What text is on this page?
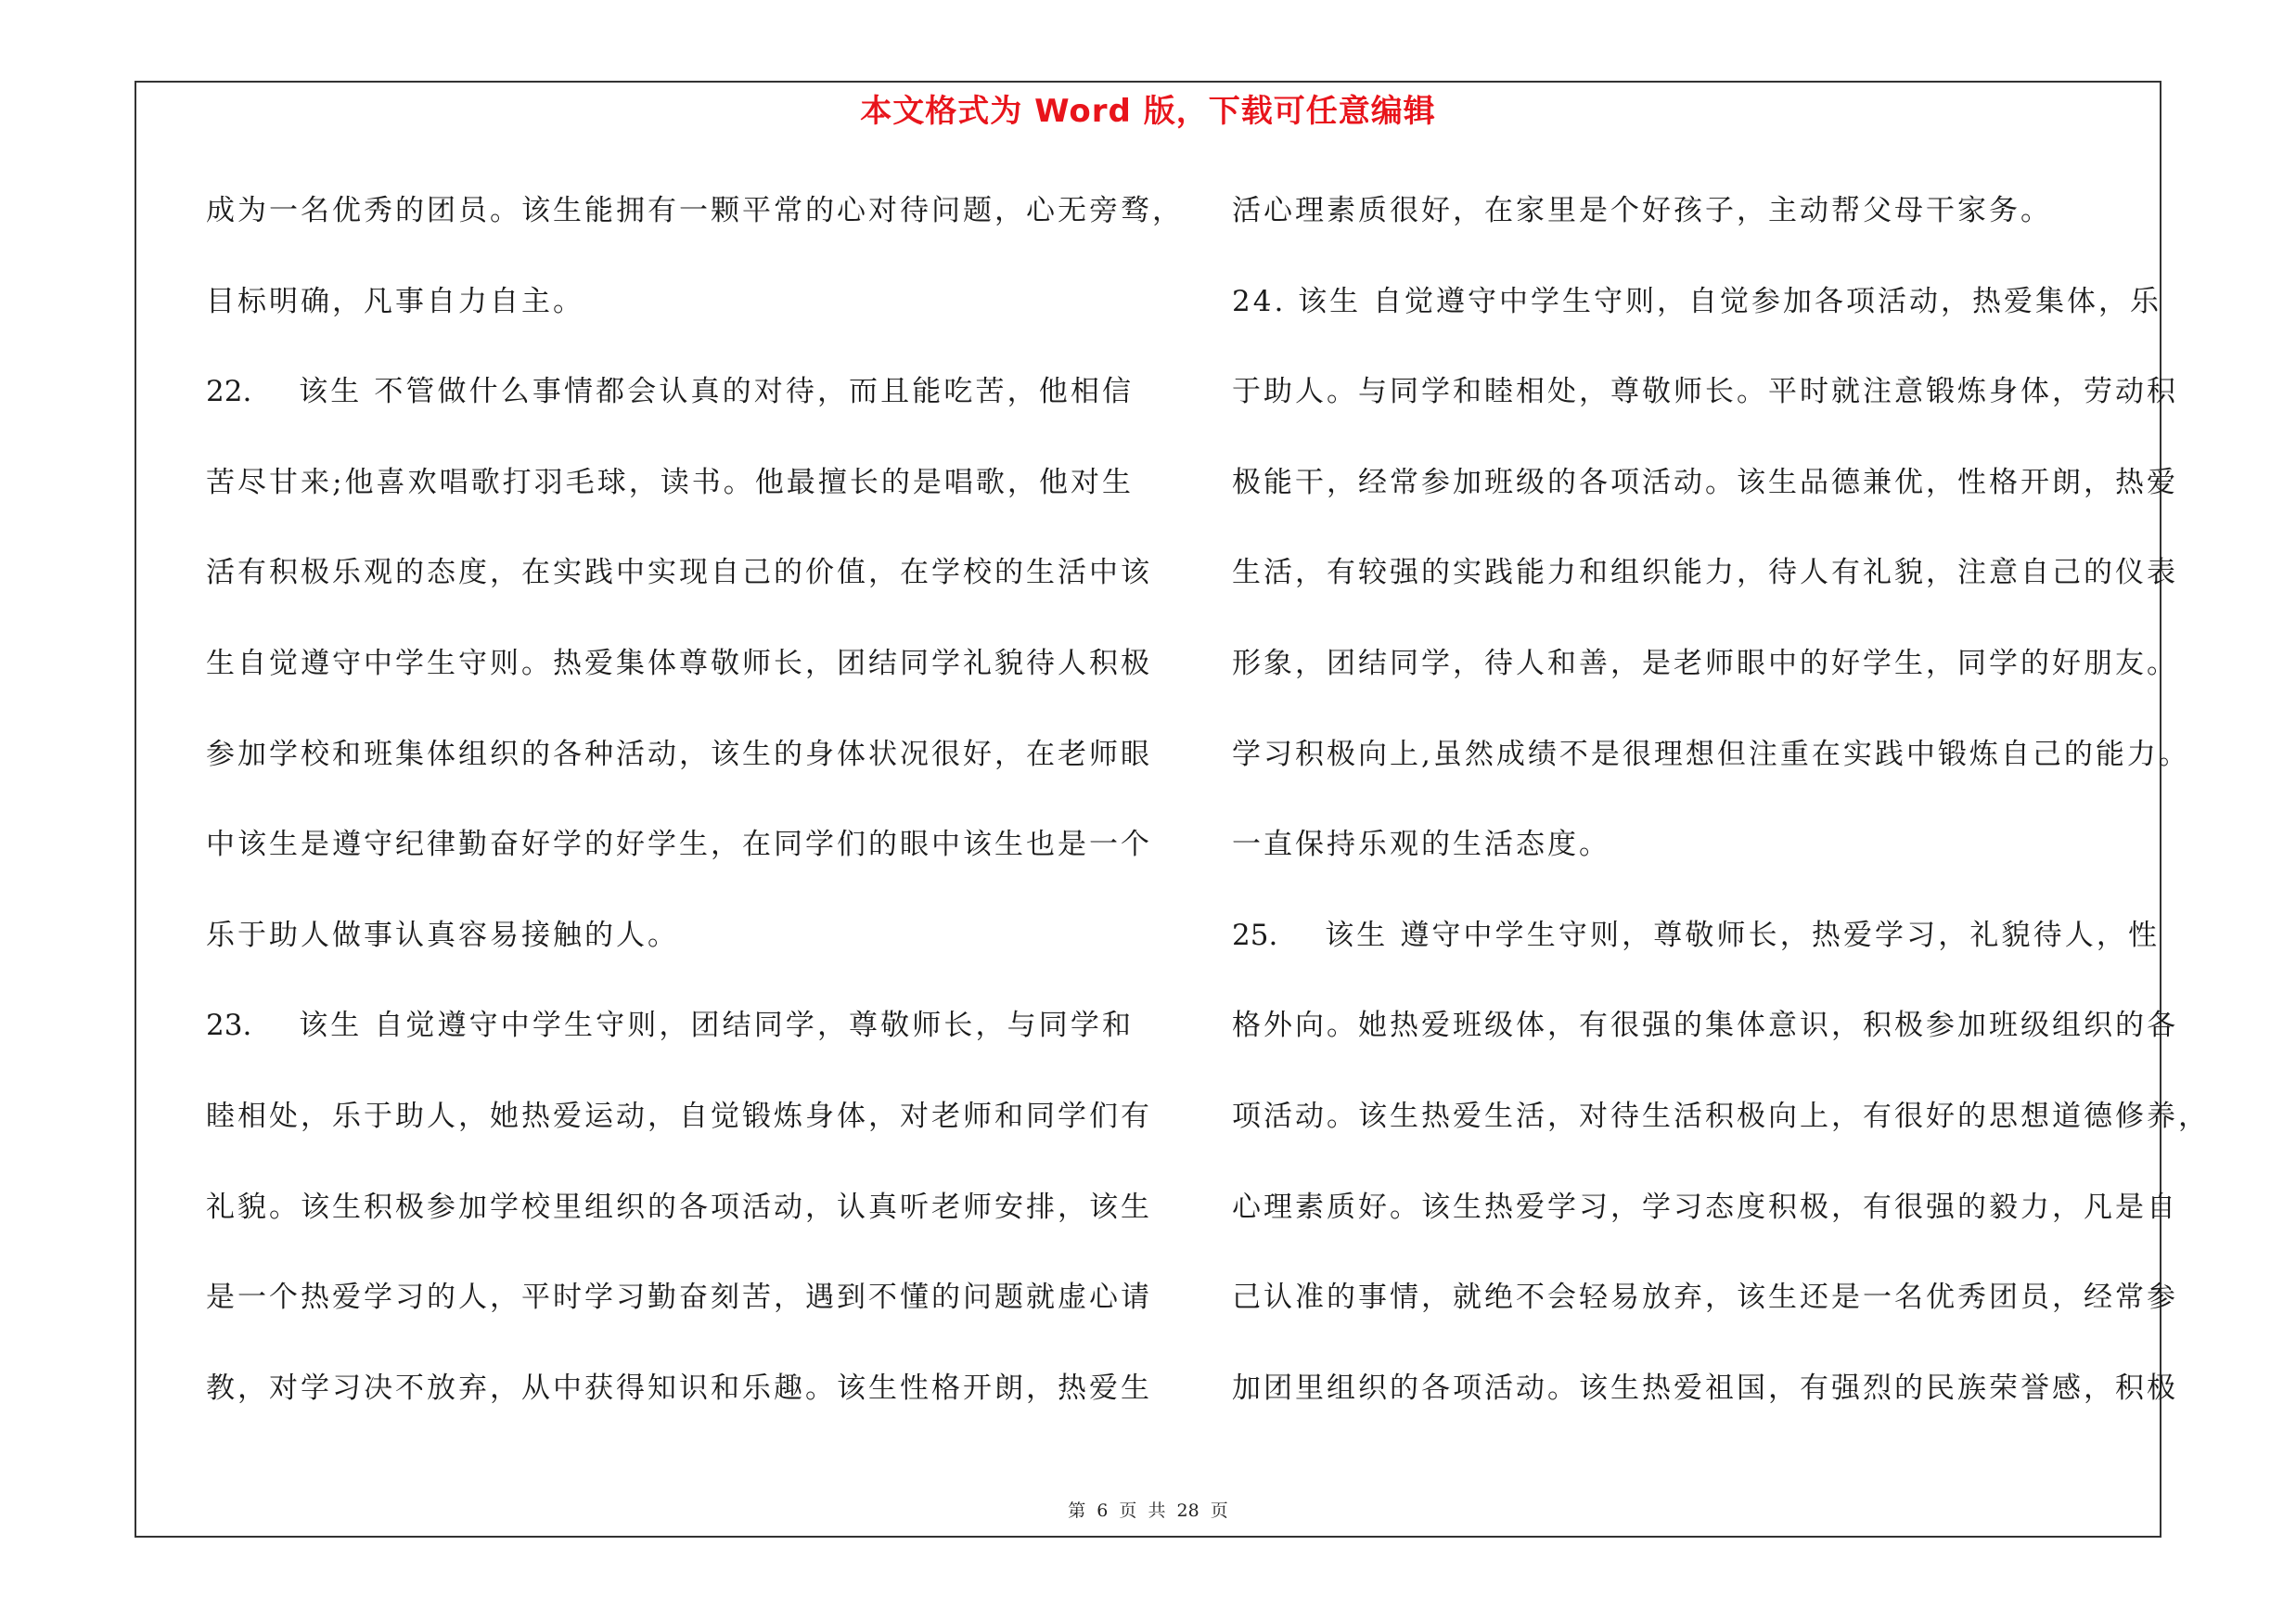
本文格式为 Word 版，下载可任意编辑
成为一名优秀的团员。该生能拥有一颗平常的心对待问题，心无旁骛，
目标明确，凡事自力自主。
22. 该生 不管做什么事情都会认真的对待，而且能吃苦，他相信
苦尽甘来;他喜欢唱歌打羽毛球，读书。他最擅长的是唱歌，他对生
活有积极乐观的态度，在实践中实现自己的价值，在学校的生活中该
生自觉遵守中学生守则。热爱集体尊敬师长，团结同学礼貌待人积极
参加学校和班集体组织的各种活动，该生的身体状况很好，在老师眼
中该生是遵守纪律勤奋好学的好学生，在同学们的眼中该生也是一个
乐于助人做事认真容易接触的人。
23. 该生 自觉遵守中学生守则，团结同学，尊敬师长，与同学和
睦相处，乐于助人，她热爱运动，自觉锻炼身体，对老师和同学们有
礼貌。该生积极参加学校里组织的各项活动，认真听老师安排，该生
是一个热爱学习的人，平时学习勤奋刻苦，遇到不懂的问题就虚心请
教，对学习决不放弃，从中获得知识和乐趣。该生性格开朗，热爱生
活心理素质很好，在家里是个好孩子，主动帮父母干家务。
24. 该生 自觉遵守中学生守则，自觉参加各项活动，热爱集体，乐
于助人。与同学和睦相处，尊敬师长。平时就注意锻炼身体，劳动积
极能干，经常参加班级的各项活动。该生品德兼优，性格开朗，热爱
生活，有较强的实践能力和组织能力，待人有礼貌，注意自己的仪表
形象，团结同学，待人和善，是老师眼中的好学生，同学的好朋友。
学习积极向上,虽然成绩不是很理想但注重在实践中锻炼自己的能力。
一直保持乐观的生活态度。
25. 该生 遵守中学生守则，尊敬师长，热爱学习，礼貌待人，性
格外向。她热爱班级体，有很强的集体意识，积极参加班级组织的各
项活动。该生热爱生活，对待生活积极向上，有很好的思想道德修养，
心理素质好。该生热爱学习，学习态度积极，有很强的毅力，凡是自
己认准的事情，就绝不会轻易放弃，该生还是一名优秀团员，经常参
加团里组织的各项活动。该生热爱祖国，有强烈的民族荣誉感，积极
第 6 页 共 28 页
